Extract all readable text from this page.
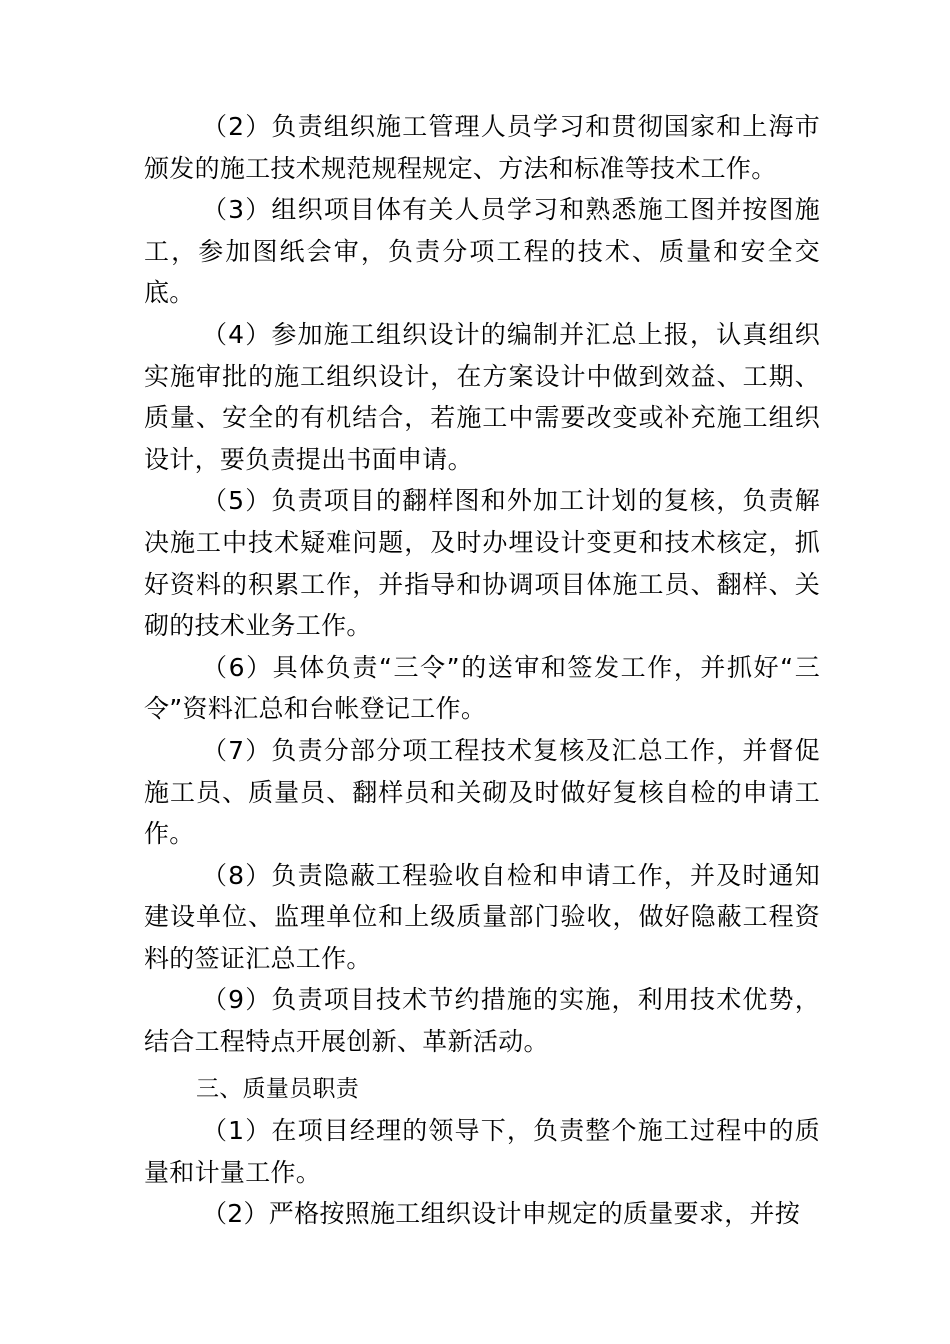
（2）负责组织施工管理人员学习和贯彻国家和上海市颁发的施工技术规范规程规定、方法和标准等技术工作。

（3）组织项目体有关人员学习和熟悉施工图并按图施工，参加图纸会审，负责分项工程的技术、质量和安全交底。

（4）参加施工组织设计的编制并汇总上报，认真组织实施审批的施工组织设计，在方案设计中做到效益、工期、质量、安全的有机结合，若施工中需要改变或补充施工组织设计，要负责提出书面申请。

（5）负责项目的翻样图和外加工计划的复核，负责解决施工中技术疑难问题，及时办埋设计变更和技术核定，抓好资料的积累工作，并指导和协调项目体施工员、翻样、关砌的技术业务工作。

（6）具体负责“三令”的送审和签发工作，并抓好“三令”资料汇总和台帐登记工作。

（7）负责分部分项工程技术复核及汇总工作，并督促施工员、质量员、翻样员和关砌及时做好复核自检的申请工作。

（8）负责隐蔽工程验收自检和申请工作，并及时通知建设单位、监理单位和上级质量部门验收，做好隐蔽工程资料的签证汇总工作。

（9）负责项目技术节约措施的实施，利用技术优势，结合工程特点开展创新、革新活动。

三、质量员职责

（1）在项目经理的领导下，负责整个施工过程中的质量和计量工作。

（2）严格按照施工组织设计申规定的质量要求，并按
